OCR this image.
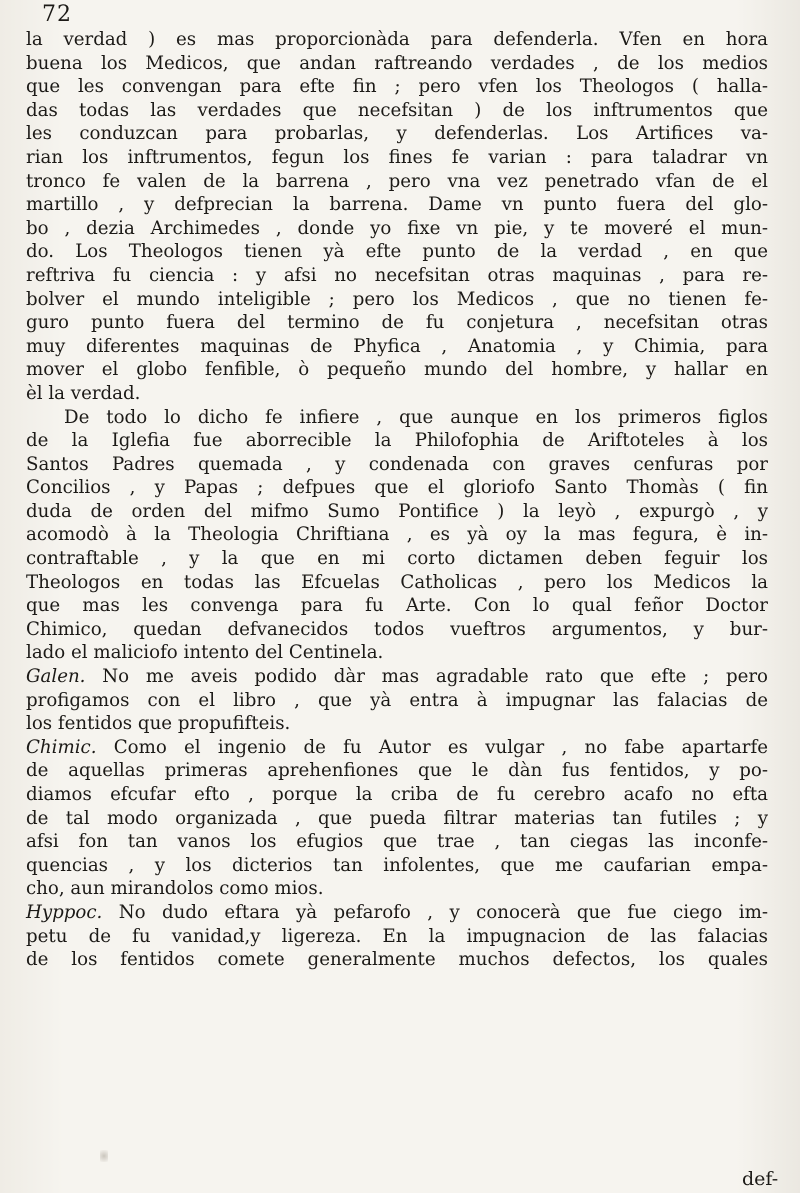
72
la verdad ) es mas proporcionàda para defenderla. Vfen en hora
buena los Medicos, que andan raftreando verdades , de los medios
que les convengan para efte fin ; pero vfen los Theologos ( halla-
das todas las verdades que necefsitan ) de los inftrumentos que
les conduzcan para probarlas, y defenderlas. Los Artifices va-
rian los inftrumentos, fegun los fines fe varian : para taladrar vn
tronco fe valen de la barrena , pero vna vez penetrado vfan de el
martillo , y defprecian la barrena. Dame vn punto fuera del glo-
bo , dezia Archimedes , donde yo fixe vn pie, y te moveré el mun-
do. Los Theologos tienen yà efte punto de la verdad , en que
reftriva fu ciencia : y afsi no necefsitan otras maquinas , para re-
bolver el mundo inteligible ; pero los Medicos , que no tienen fe-
guro punto fuera del termino de fu conjetura , necefsitan otras
muy diferentes maquinas de Phyfica , Anatomia , y Chimia, para
mover el globo fenfible, ò pequeño mundo del hombre, y hallar en
èl la verdad.
De todo lo dicho fe infiere , que aunque en los primeros figlos
de la Iglefia fue aborrecible la Philofophia de Ariftoteles à los
Santos Padres quemada , y condenada con graves cenfuras por
Concilios , y Papas ; defpues que el gloriofo Santo Thomàs ( fin
duda de orden del mifmo Sumo Pontifice ) la leyò , expurgò , y
acomodò à la Theologia Chriftiana , es yà oy la mas fegura, è in-
contraftable , y la que en mi corto dictamen deben feguir los
Theologos en todas las Efcuelas Catholicas , pero los Medicos la
que mas les convenga para fu Arte. Con lo qual feñor Doctor
Chimico, quedan defvanecidos todos vueftros argumentos, y bur-
lado el maliciofo intento del Centinela.
Galen. No me aveis podido dàr mas agradable rato que efte ; pero
profigamos con el libro , que yà entra à impugnar las falacias de
los fentidos que propufifteis.
Chimic. Como el ingenio de fu Autor es vulgar , no fabe apartarfe
de aquellas primeras aprehenfiones que le dàn fus fentidos, y po-
diamos efcufar efto , porque la criba de fu cerebro acafo no efta
de tal modo organizada , que pueda filtrar materias tan futiles ; y
afsi fon tan vanos los efugios que trae , tan ciegas las inconfe-
quencias , y los dicterios tan infolentes, que me caufarian empa-
cho, aun mirandolos como mios.
Hyppoc. No dudo eftara yà pefarofo , y conocerà que fue ciego im-
petu de fu vanidad,y ligereza. En la impugnacion de las falacias
de los fentidos comete generalmente muchos defectos, los quales
def-
